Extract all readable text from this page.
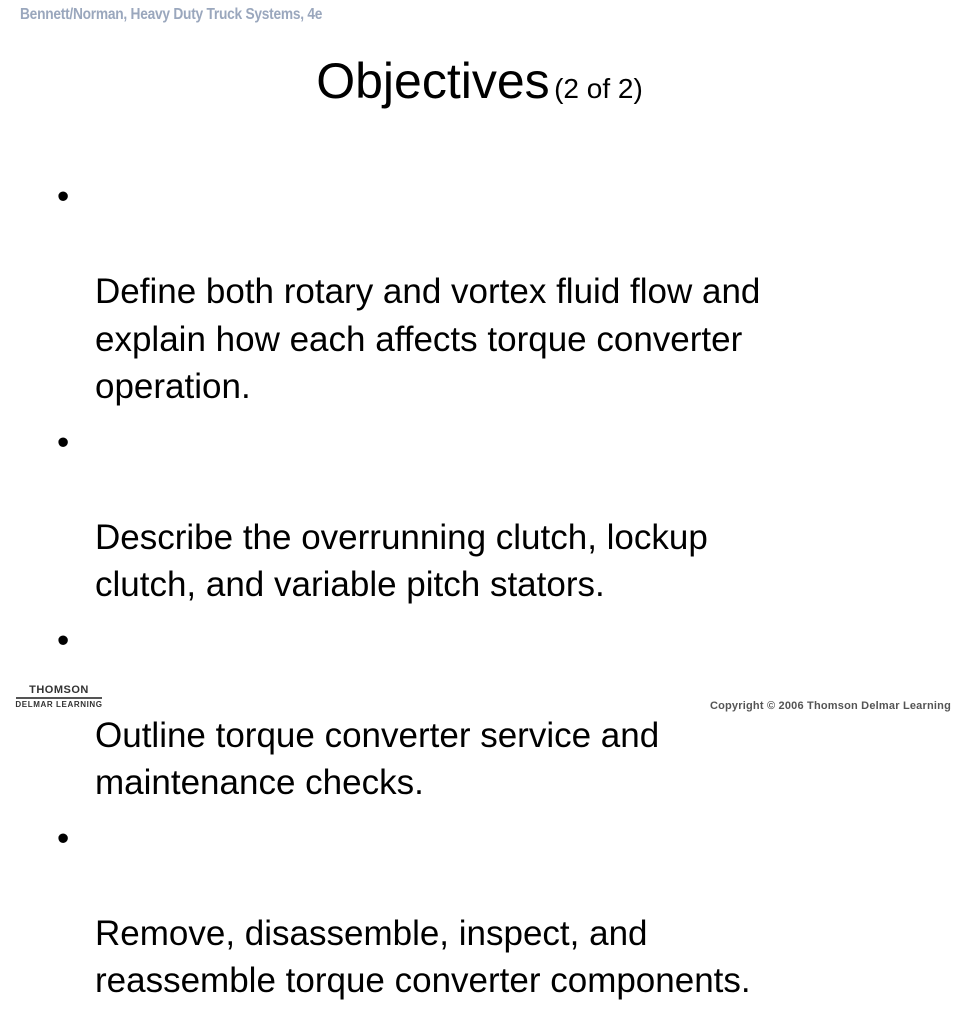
Bennett/Norman, Heavy Duty Truck Systems, 4e
Objectives (2 of 2)

•

Define both rotary and vortex fluid flow and
explain how each affects torque converter
operation.

•

Describe the overrunning clutch, lockup
clutch, and variable pitch stators.

•

Outline torque converter service and
maintenance checks.

•

Remove, disassemble, inspect, and
reassemble torque converter components.

THOMSON
DELMAR LEARNING	Copyright © 2006 Thomson Delmar Learning
